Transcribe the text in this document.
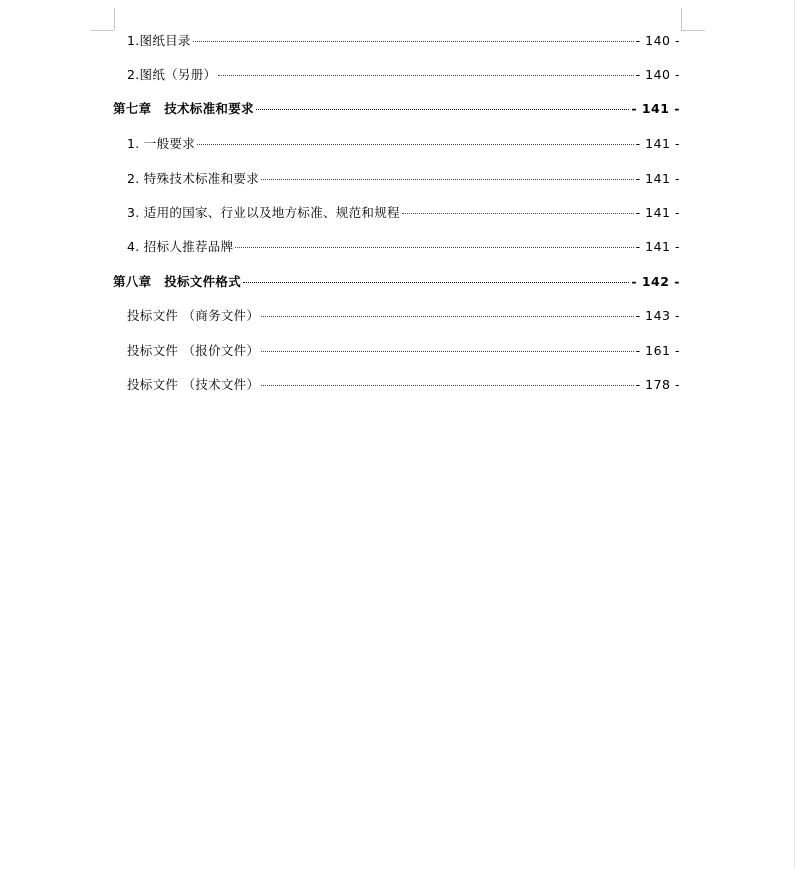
1.图纸目录	- 140 -
2.图纸（另册）	- 140 -
第七章　技术标准和要求	- 141 -
1. 一般要求	- 141 -
2. 特殊技术标准和要求	- 141 -
3. 适用的国家、行业以及地方标准、规范和规程	- 141 -
4. 招标人推荐品牌	- 141 -
第八章　投标文件格式	- 142 -
投标文件 （商务文件）	- 143 -
投标文件 （报价文件）	- 161 -
投标文件 （技术文件）	- 178 -
